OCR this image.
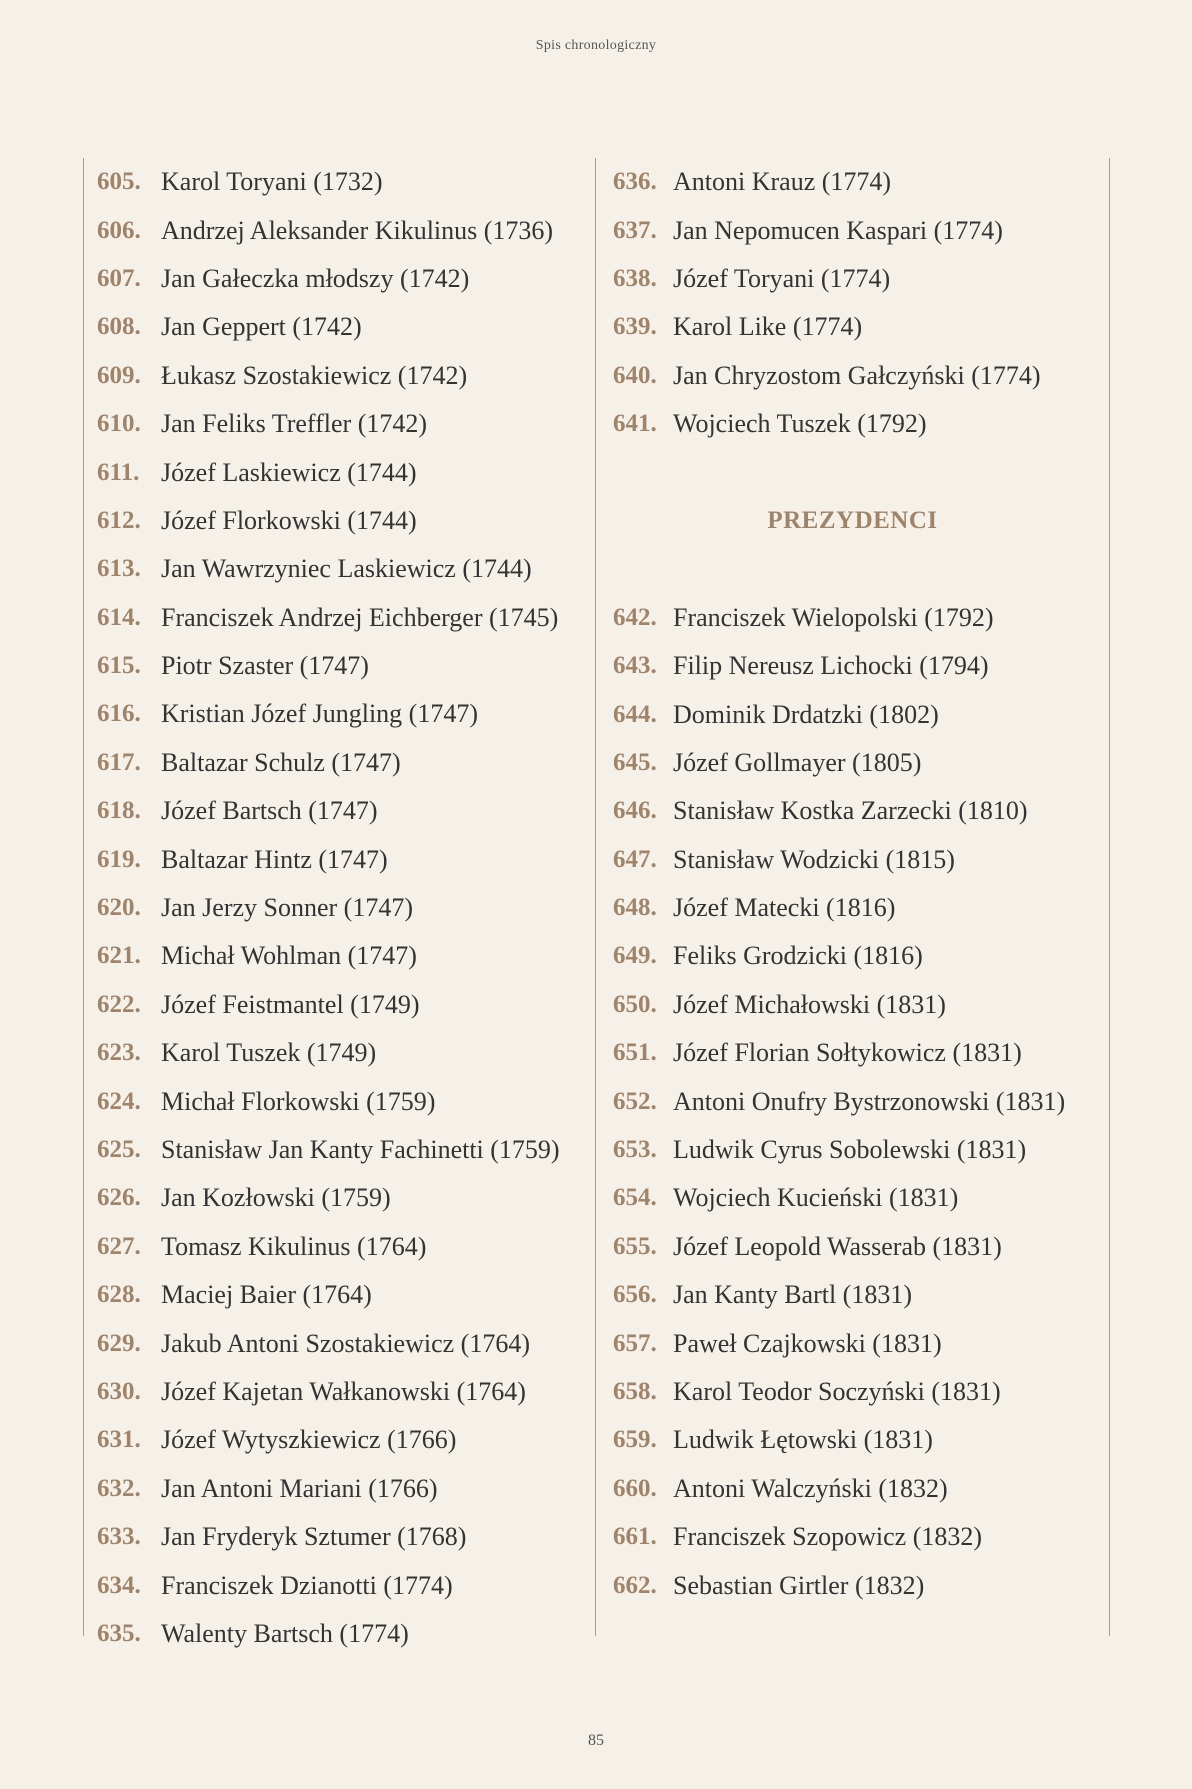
Spis chronologiczny
605. Karol Toryani (1732)
606. Andrzej Aleksander Kikulinus (1736)
607. Jan Gałeczka młodszy (1742)
608. Jan Geppert (1742)
609. Łukasz Szostakiewicz (1742)
610. Jan Feliks Treffler (1742)
611. Józef Laskiewicz (1744)
612. Józef Florkowski (1744)
613. Jan Wawrzyniec Laskiewicz (1744)
614. Franciszek Andrzej Eichberger (1745)
615. Piotr Szaster (1747)
616. Kristian Józef Jungling (1747)
617. Baltazar Schulz (1747)
618. Józef Bartsch (1747)
619. Baltazar Hintz (1747)
620. Jan Jerzy Sonner (1747)
621. Michał Wohlman (1747)
622. Józef Feistmantel (1749)
623. Karol Tuszek (1749)
624. Michał Florkowski (1759)
625. Stanisław Jan Kanty Fachinetti (1759)
626. Jan Kozłowski (1759)
627. Tomasz Kikulinus (1764)
628. Maciej Baier (1764)
629. Jakub Antoni Szostakiewicz (1764)
630. Józef Kajetan Wałkanowski (1764)
631. Józef Wytyszkiewicz (1766)
632. Jan Antoni Mariani (1766)
633. Jan Fryderyk Sztumer (1768)
634. Franciszek Dzianotti (1774)
635. Walenty Bartsch (1774)
636. Antoni Krauz (1774)
637. Jan Nepomucen Kaspari (1774)
638. Józef Toryani (1774)
639. Karol Like (1774)
640. Jan Chryzostom Gałczyński (1774)
641. Wojciech Tuszek (1792)
PREZYDENCI
642. Franciszek Wielopolski (1792)
643. Filip Nereusz Lichocki (1794)
644. Dominik Drdatzki (1802)
645. Józef Gollmayer (1805)
646. Stanisław Kostka Zarzecki (1810)
647. Stanisław Wodzicki (1815)
648. Józef Matecki (1816)
649. Feliks Grodzicki (1816)
650. Józef Michałowski (1831)
651. Józef Florian Sołtykowicz (1831)
652. Antoni Onufry Bystrzonowski (1831)
653. Ludwik Cyrus Sobolewski (1831)
654. Wojciech Kucieński (1831)
655. Józef Leopold Wasserab (1831)
656. Jan Kanty Bartl (1831)
657. Paweł Czajkowski (1831)
658. Karol Teodor Soczyński (1831)
659. Ludwik Łętowski (1831)
660. Antoni Walczyński (1832)
661. Franciszek Szopowicz (1832)
662. Sebastian Girtler (1832)
85
